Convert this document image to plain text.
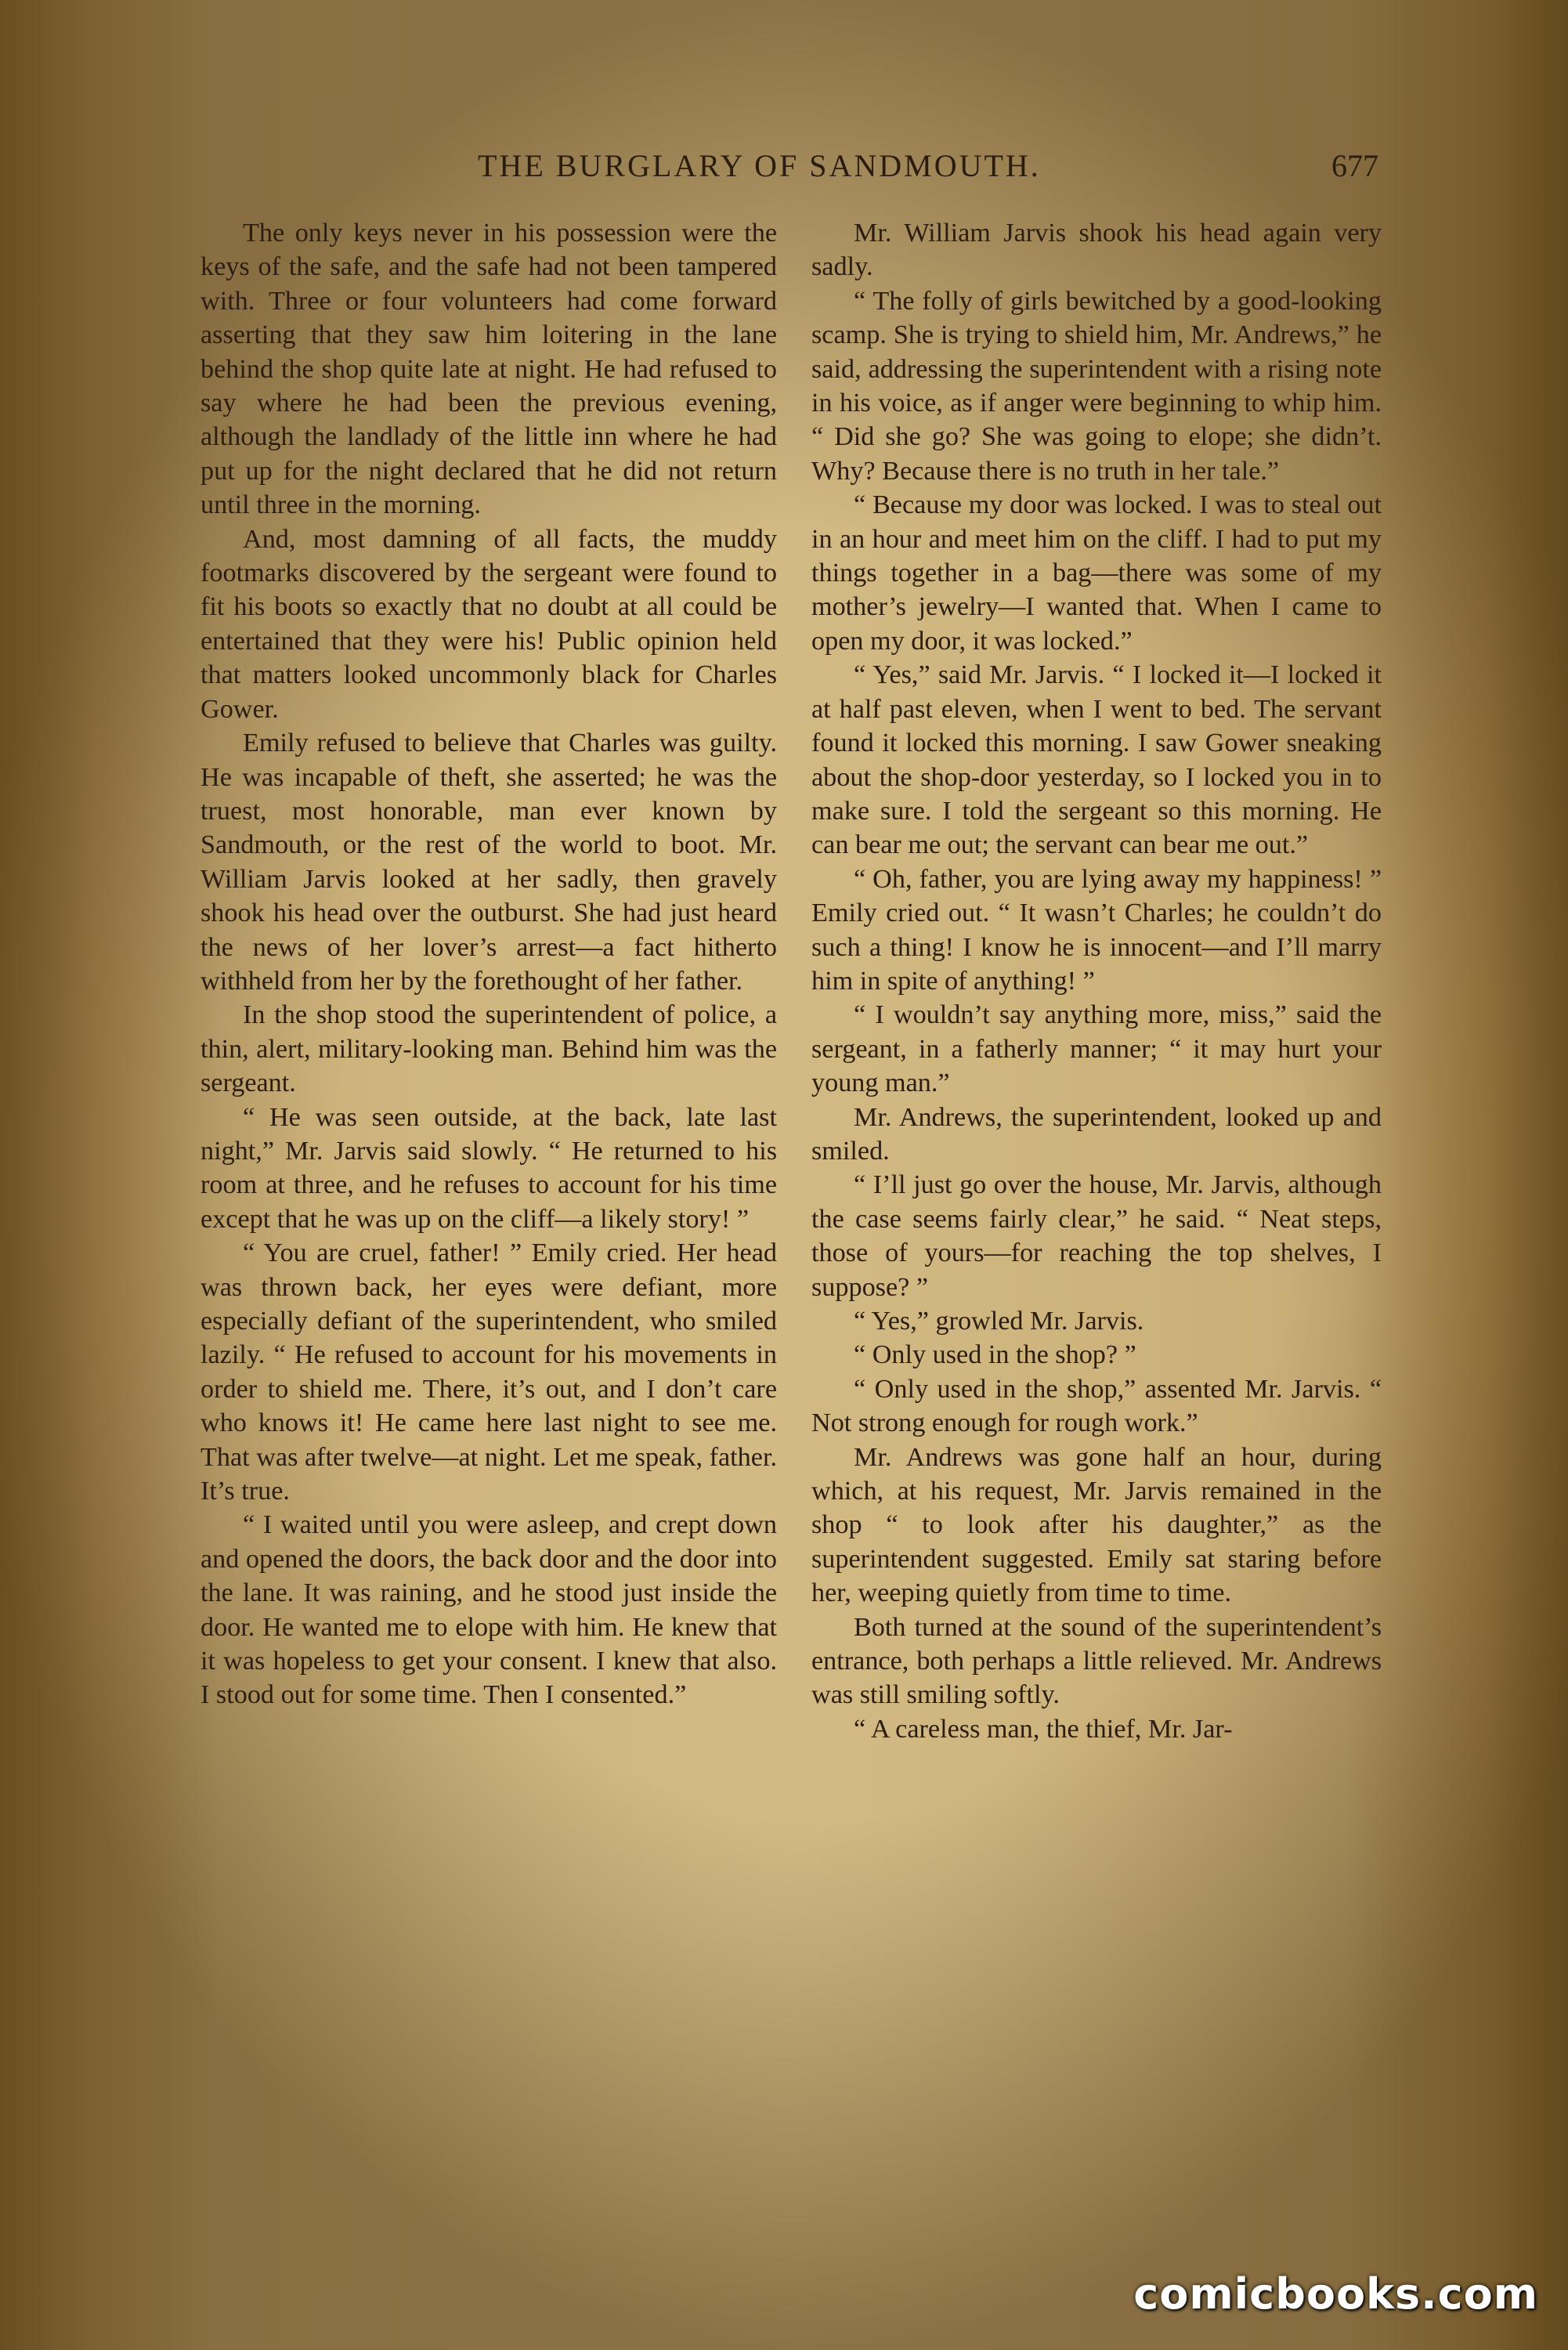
THE BURGLARY OF SANDMOUTH.	677

The only keys never in his possession were the keys of the safe, and the safe had not been tampered with. Three or four volunteers had come forward asserting that they saw him loitering in the lane behind the shop quite late at night. He had refused to say where he had been the previous evening, although the landlady of the little inn where he had put up for the night declared that he did not return until three in the morning.

And, most damning of all facts, the muddy footmarks discovered by the sergeant were found to fit his boots so exactly that no doubt at all could be entertained that they were his! Public opinion held that matters looked uncommonly black for Charles Gower.

Emily refused to believe that Charles was guilty. He was incapable of theft, she asserted; he was the truest, most honorable, man ever known by Sandmouth, or the rest of the world to boot. Mr. William Jarvis looked at her sadly, then gravely shook his head over the outburst. She had just heard the news of her lover’s arrest—a fact hitherto withheld from her by the forethought of her father.

In the shop stood the superintendent of police, a thin, alert, military-looking man. Behind him was the sergeant.

“ He was seen outside, at the back, late last night,” Mr. Jarvis said slowly. “ He returned to his room at three, and he refuses to account for his time except that he was up on the cliff—a likely story! ”

“ You are cruel, father! ” Emily cried. Her head was thrown back, her eyes were defiant, more especially defiant of the superintendent, who smiled lazily. “ He refused to account for his movements in order to shield me. There, it’s out, and I don’t care who knows it! He came here last night to see me. That was after twelve—at night. Let me speak, father. It’s true.

“ I waited until you were asleep, and crept down and opened the doors, the back door and the door into the lane. It was raining, and he stood just inside the door. He wanted me to elope with him. He knew that it was hopeless to get your consent. I knew that also. I stood out for some time. Then I consented.”

Mr. William Jarvis shook his head again very sadly.

“ The folly of girls bewitched by a good-looking scamp. She is trying to shield him, Mr. Andrews,” he said, addressing the superintendent with a rising note in his voice, as if anger were beginning to whip him. “ Did she go? She was going to elope; she didn’t. Why? Because there is no truth in her tale.”

“ Because my door was locked. I was to steal out in an hour and meet him on the cliff. I had to put my things together in a bag—there was some of my mother’s jewelry—I wanted that. When I came to open my door, it was locked.”

“ Yes,” said Mr. Jarvis. “ I locked it—I locked it at half past eleven, when I went to bed. The servant found it locked this morning. I saw Gower sneaking about the shop-door yesterday, so I locked you in to make sure. I told the sergeant so this morning. He can bear me out; the servant can bear me out.”

“ Oh, father, you are lying away my happiness! ” Emily cried out. “ It wasn’t Charles; he couldn’t do such a thing! I know he is innocent—and I’ll marry him in spite of anything! ”

“ I wouldn’t say anything more, miss,” said the sergeant, in a fatherly manner; “ it may hurt your young man.”

Mr. Andrews, the superintendent, looked up and smiled.

“ I’ll just go over the house, Mr. Jarvis, although the case seems fairly clear,” he said. “ Neat steps, those of yours—for reaching the top shelves, I suppose? ”

“ Yes,” growled Mr. Jarvis.

“ Only used in the shop? ”

“ Only used in the shop,” assented Mr. Jarvis. “ Not strong enough for rough work.”

Mr. Andrews was gone half an hour, during which, at his request, Mr. Jarvis remained in the shop “ to look after his daughter,” as the superintendent suggested. Emily sat staring before her, weeping quietly from time to time.

Both turned at the sound of the superintendent’s entrance, both perhaps a little relieved. Mr. Andrews was still smiling softly.

“ A careless man, the thief, Mr. Jar-

comicbooks.com
